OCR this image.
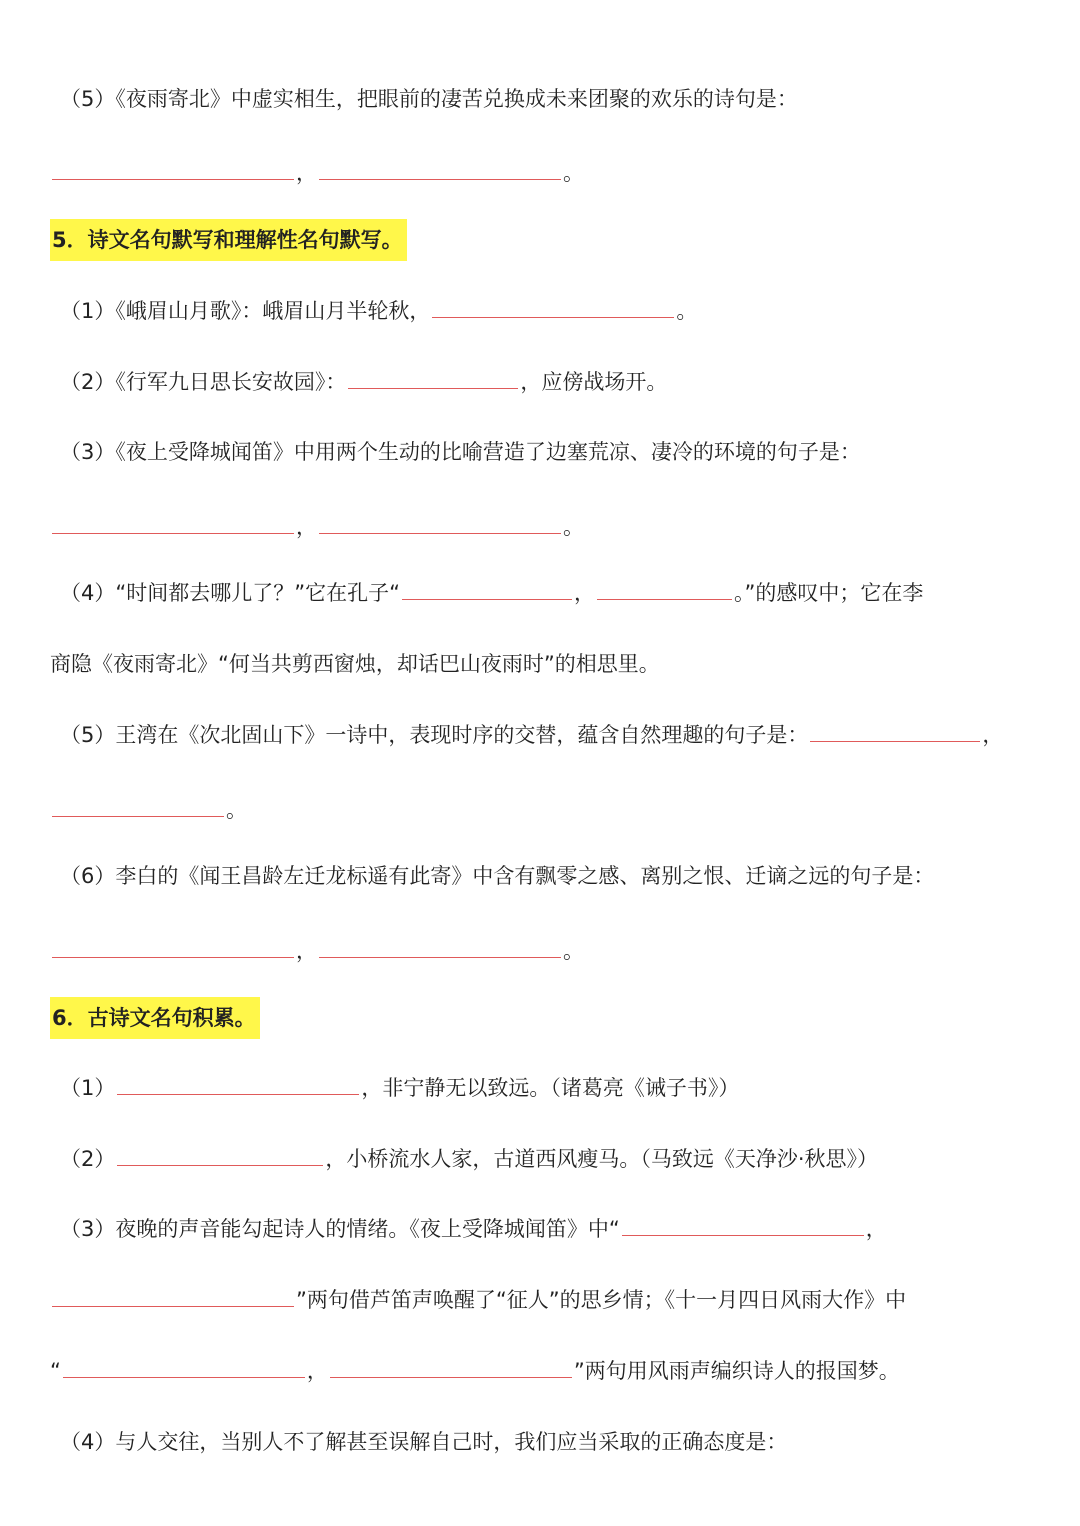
（5）《夜雨寄北》中虚实相生，把眼前的凄苦兑换成未来团聚的欢乐的诗句是：
，	。
5．诗文名句默写和理解性名句默写。
（1）《峨眉山月歌》：峨眉山月半轮秋，	。
（2）《行军九日思长安故园》：	，应傍战场开。
（3）《夜上受降城闻笛》中用两个生动的比喻营造了边塞荒凉、凄冷的环境的句子是：
，	。
（4）“时间都去哪儿了？”它在孔子“	，	。”的感叹中；它在李
商隐《夜雨寄北》“何当共剪西窗烛，却话巴山夜雨时”的相思里。
（5）王湾在《次北固山下》一诗中，表现时序的交替，蕴含自然理趣的句子是：	，
。
（6）李白的《闻王昌龄左迁龙标遥有此寄》中含有飘零之感、离别之恨、迁谪之远的句子是：
，	。
6．古诗文名句积累。
（1）	，非宁静无以致远。（诸葛亮《诫子书》）
（2）	，小桥流水人家，古道西风瘦马。（马致远《天净沙·秋思》）
（3）夜晚的声音能勾起诗人的情绪。《夜上受降城闻笛》中“	，
”两句借芦笛声唤醒了“征人”的思乡情；《十一月四日风雨大作》中
“	，	”两句用风雨声编织诗人的报国梦。
（4）与人交往，当别人不了解甚至误解自己时，我们应当采取的正确态度是：
